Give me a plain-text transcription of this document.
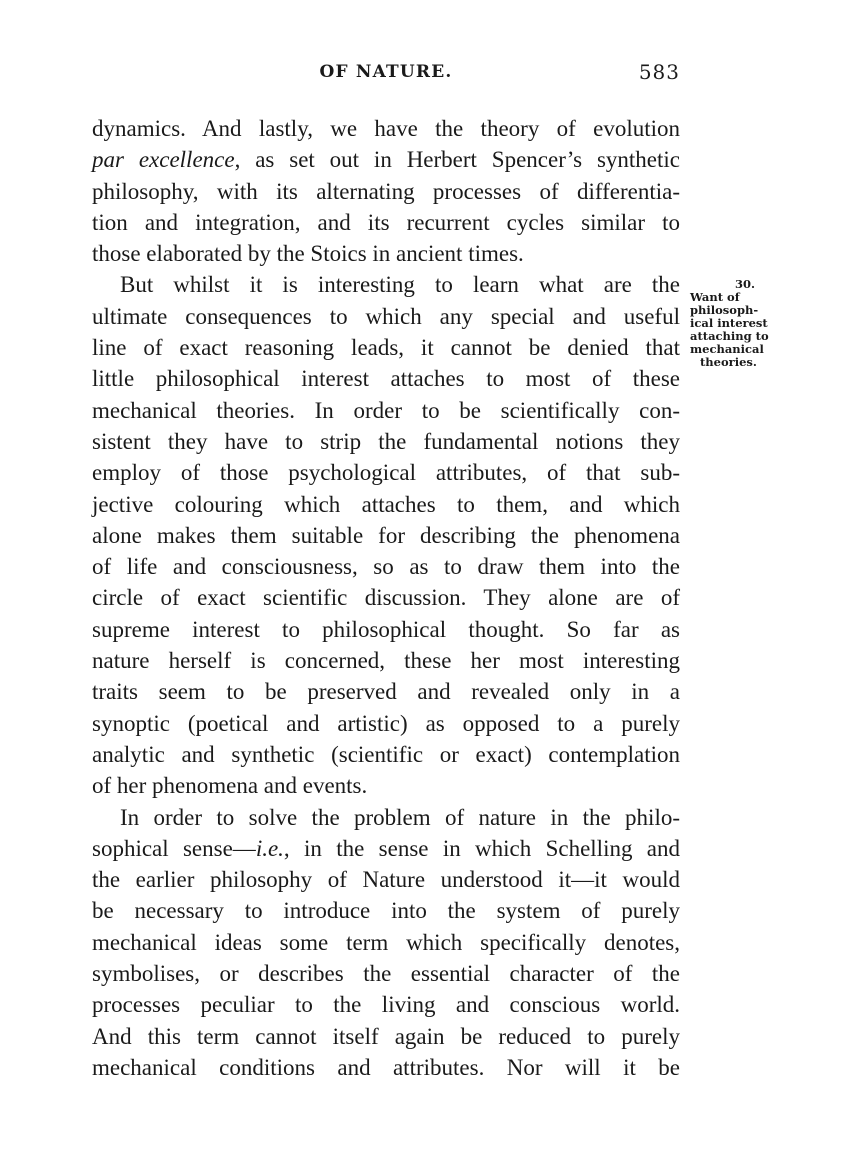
OF NATURE.	583
dynamics. And lastly, we have the theory of evolution
par excellence, as set out in Herbert Spencer’s synthetic
philosophy, with its alternating processes of differentia-
tion and integration, and its recurrent cycles similar to
those elaborated by the Stoics in ancient times.
But whilst it is interesting to learn what are the
ultimate consequences to which any special and useful
line of exact reasoning leads, it cannot be denied that
little philosophical interest attaches to most of these
mechanical theories. In order to be scientifically con-
sistent they have to strip the fundamental notions they
employ of those psychological attributes, of that sub-
jective colouring which attaches to them, and which
alone makes them suitable for describing the phenomena
of life and consciousness, so as to draw them into the
circle of exact scientific discussion. They alone are of
supreme interest to philosophical thought. So far as
nature herself is concerned, these her most interesting
traits seem to be preserved and revealed only in a
synoptic (poetical and artistic) as opposed to a purely
analytic and synthetic (scientific or exact) contemplation
of her phenomena and events.
In order to solve the problem of nature in the philo-
sophical sense—i.e., in the sense in which Schelling and
the earlier philosophy of Nature understood it—it would
be necessary to introduce into the system of purely
mechanical ideas some term which specifically denotes,
symbolises, or describes the essential character of the
processes peculiar to the living and conscious world.
And this term cannot itself again be reduced to purely
mechanical conditions and attributes. Nor will it be
30.
Want of
philosoph-
ical interest
attaching to
mechanical
theories.
